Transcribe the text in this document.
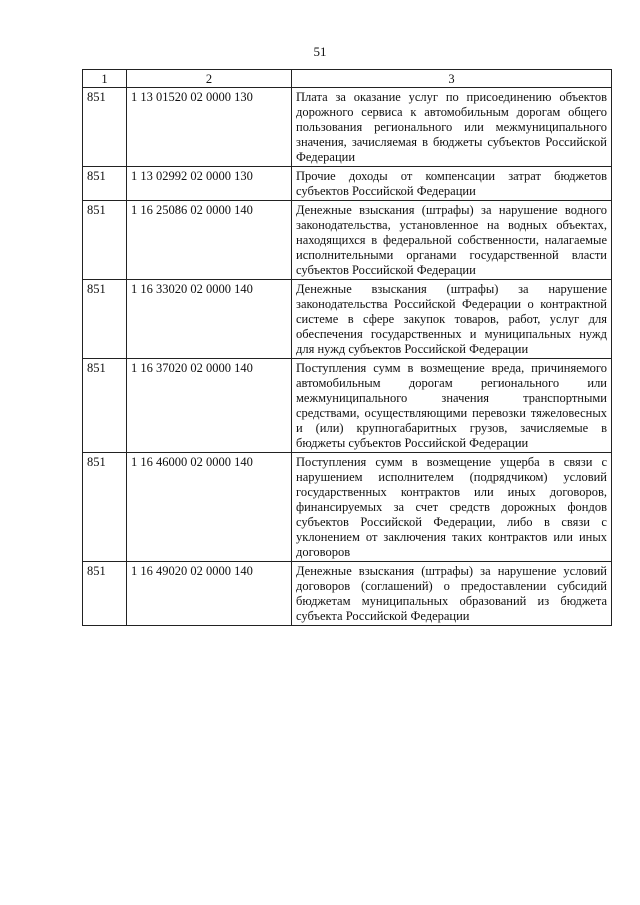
51
1	2	3
851	1 13 01520 02 0000 130	Плата за оказание услуг по присоединению объектов дорожного сервиса к автомобильным дорогам общего пользования регионального или межмуниципального значения, зачисляемая в бюджеты субъектов Российской Федерации
851	1 13 02992 02 0000 130	Прочие доходы от компенсации затрат бюджетов субъектов Российской Федерации
851	1 16 25086 02 0000 140	Денежные взыскания (штрафы) за нарушение водного законодательства, установленное на водных объектах, находящихся в федеральной собственности, налагаемые исполнительными органами государственной власти субъектов Российской Федерации
851	1 16 33020 02 0000 140	Денежные взыскания (штрафы) за нарушение законодательства Российской Федерации о контрактной системе в сфере закупок товаров, работ, услуг для обеспечения государственных и муниципальных нужд для нужд субъектов Российской Федерации
851	1 16 37020 02 0000 140	Поступления сумм в возмещение вреда, причиняемого автомобильным дорогам регионального или межмуниципального значения транспортными средствами, осуществляющими перевозки тяжеловесных и (или) крупногабаритных грузов, зачисляемые в бюджеты субъектов Российской Федерации
851	1 16 46000 02 0000 140	Поступления сумм в возмещение ущерба в связи с нарушением исполнителем (подрядчиком) условий государственных контрактов или иных договоров, финансируемых за счет средств дорожных фондов субъектов Российской Федерации, либо в связи с уклонением от заключения таких контрактов или иных договоров
851	1 16 49020 02 0000 140	Денежные взыскания (штрафы) за нарушение условий договоров (соглашений) о предоставлении субсидий бюджетам муниципальных образований из бюджета субъекта Российской Федерации
